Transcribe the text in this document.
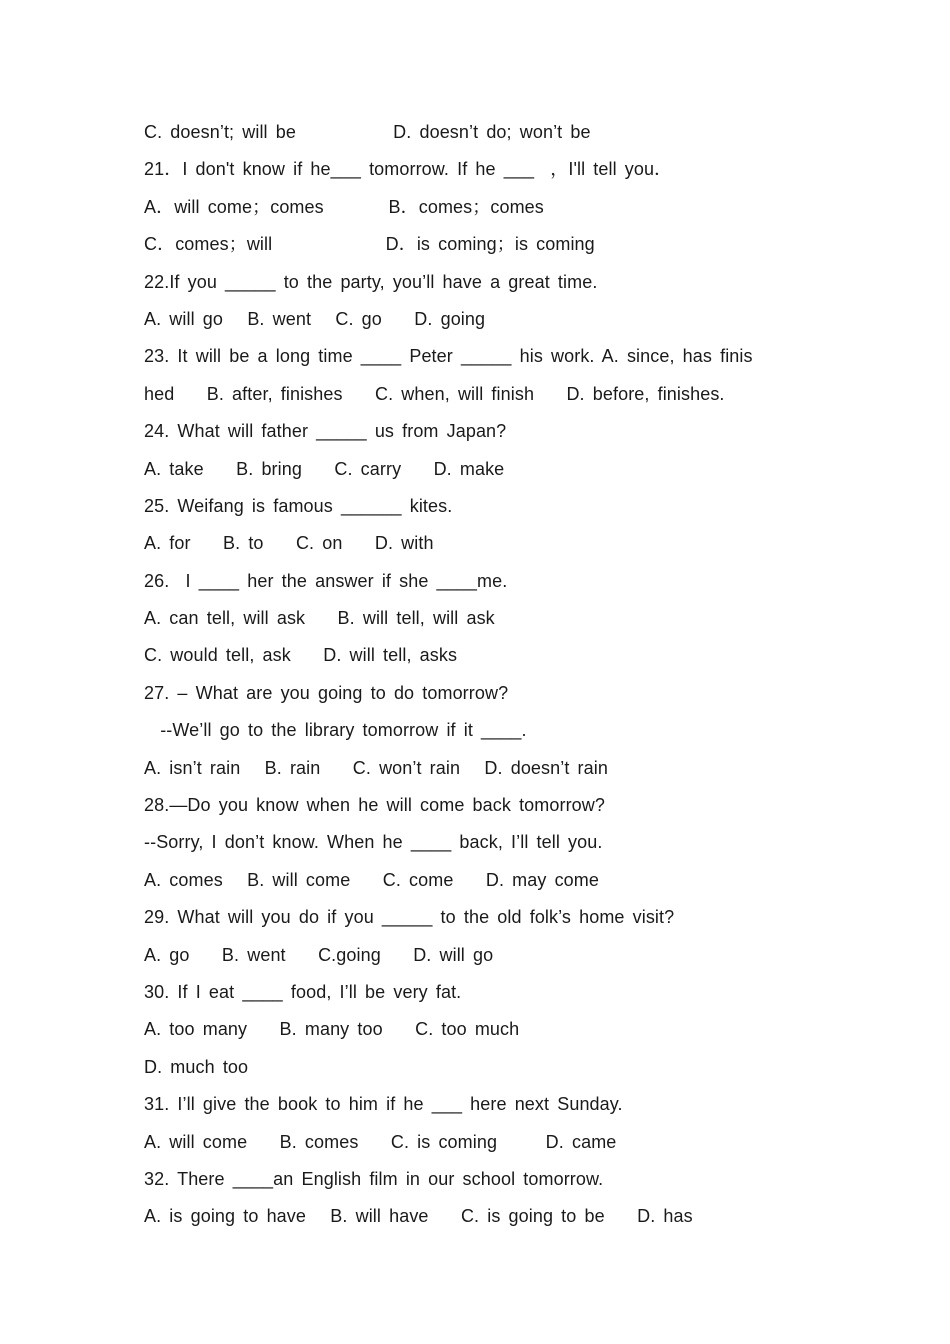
C. doesn’t; will be            D. doesn’t do; won’t be
21．I don't know if he___ tomorrow. If he ___  ，I'll tell you．
A．will come；comes        B．comes；comes
C．comes；will              D．is coming；is coming
22.If you _____ to the party, you’ll have a great time.
A. will go   B. went   C. go    D. going
23. It will be a long time ____ Peter _____ his work. A. since, has finis
hed    B. after, finishes    C. when, will finish    D. before, finishes.
24. What will father _____ us from Japan?
A. take    B. bring    C. carry    D. make
25. Weifang is famous ______ kites.
A. for    B. to    C. on    D. with
26.  I ____ her the answer if she ____me.
A. can tell, will ask    B. will tell, will ask
C. would tell, ask    D. will tell, asks
27. – What are you going to do tomorrow?
--We’ll go to the library tomorrow if it ____.
A. isn’t rain   B. rain    C. won’t rain   D. doesn’t rain
28.—Do you know when he will come back tomorrow?
--Sorry, I don’t know. When he ____ back, I’ll tell you.
A. comes   B. will come    C. come    D. may come
29. What will you do if you _____ to the old folk’s home visit?
A. go    B. went    C.going    D. will go
30. If I eat ____ food, I’ll be very fat.
A. too many    B. many too    C. too much
D. much too
31. I’ll give the book to him if he ___ here next Sunday.
A. will come    B. comes    C. is coming      D. came
32. There ____an English film in our school tomorrow.
A. is going to have   B. will have    C. is going to be    D. has
